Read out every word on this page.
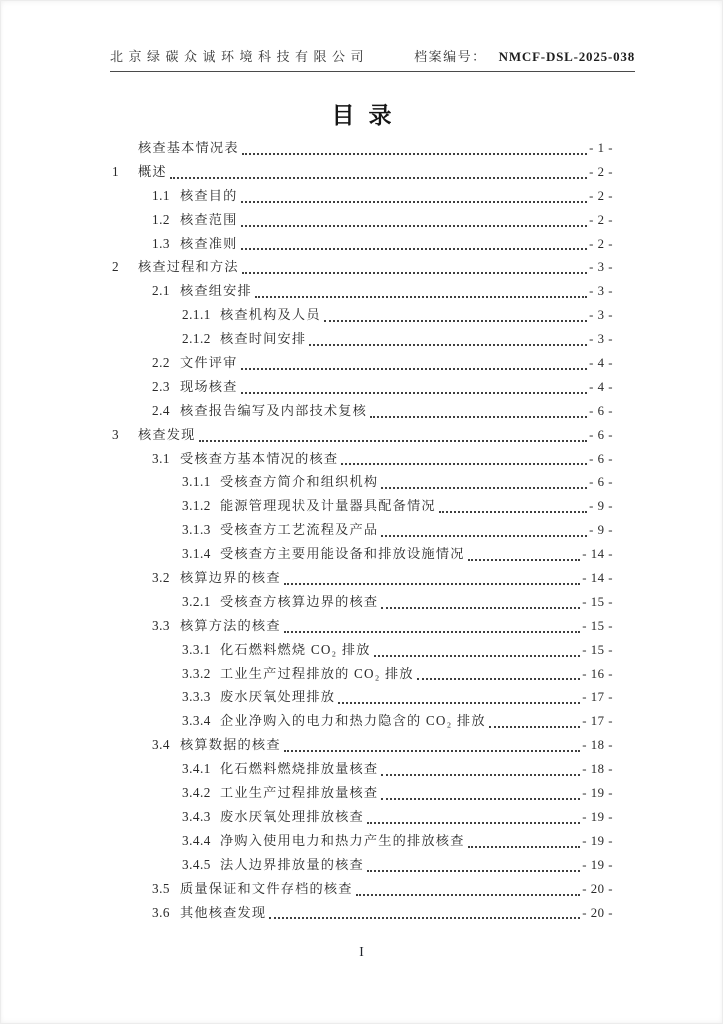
北京绿碳众诚环境科技有限公司	档案编号： NMCF-DSL-2025-038
目录
核查基本情况表	- 1 -
1	概述	- 2 -
1.1 核查目的	- 2 -
1.2 核查范围	- 2 -
1.3 核查准则	- 2 -
2	核查过程和方法	- 3 -
2.1 核查组安排	- 3 -
2.1.1 核查机构及人员	- 3 -
2.1.2 核查时间安排	- 3 -
2.2 文件评审	- 4 -
2.3 现场核查	- 4 -
2.4 核查报告编写及内部技术复核	- 6 -
3	核查发现	- 6 -
3.1 受核查方基本情况的核查	- 6 -
3.1.1 受核查方简介和组织机构	- 6 -
3.1.2 能源管理现状及计量器具配备情况	- 9 -
3.1.3 受核查方工艺流程及产品	- 9 -
3.1.4 受核查方主要用能设备和排放设施情况	- 14 -
3.2 核算边界的核查	- 14 -
3.2.1 受核查方核算边界的核查	- 15 -
3.3 核算方法的核查	- 15 -
3.3.1 化石燃料燃烧 CO₂ 排放	- 15 -
3.3.2 工业生产过程排放的 CO₂ 排放	- 16 -
3.3.3 废水厌氧处理排放	- 17 -
3.3.4 企业净购入的电力和热力隐含的 CO₂ 排放	- 17 -
3.4 核算数据的核查	- 18 -
3.4.1 化石燃料燃烧排放量核查	- 18 -
3.4.2 工业生产过程排放量核查	- 19 -
3.4.3 废水厌氧处理排放核查	- 19 -
3.4.4 净购入使用电力和热力产生的排放核查	- 19 -
3.4.5 法人边界排放量的核查	- 19 -
3.5 质量保证和文件存档的核查	- 20 -
3.6 其他核查发现	- 20 -
I
